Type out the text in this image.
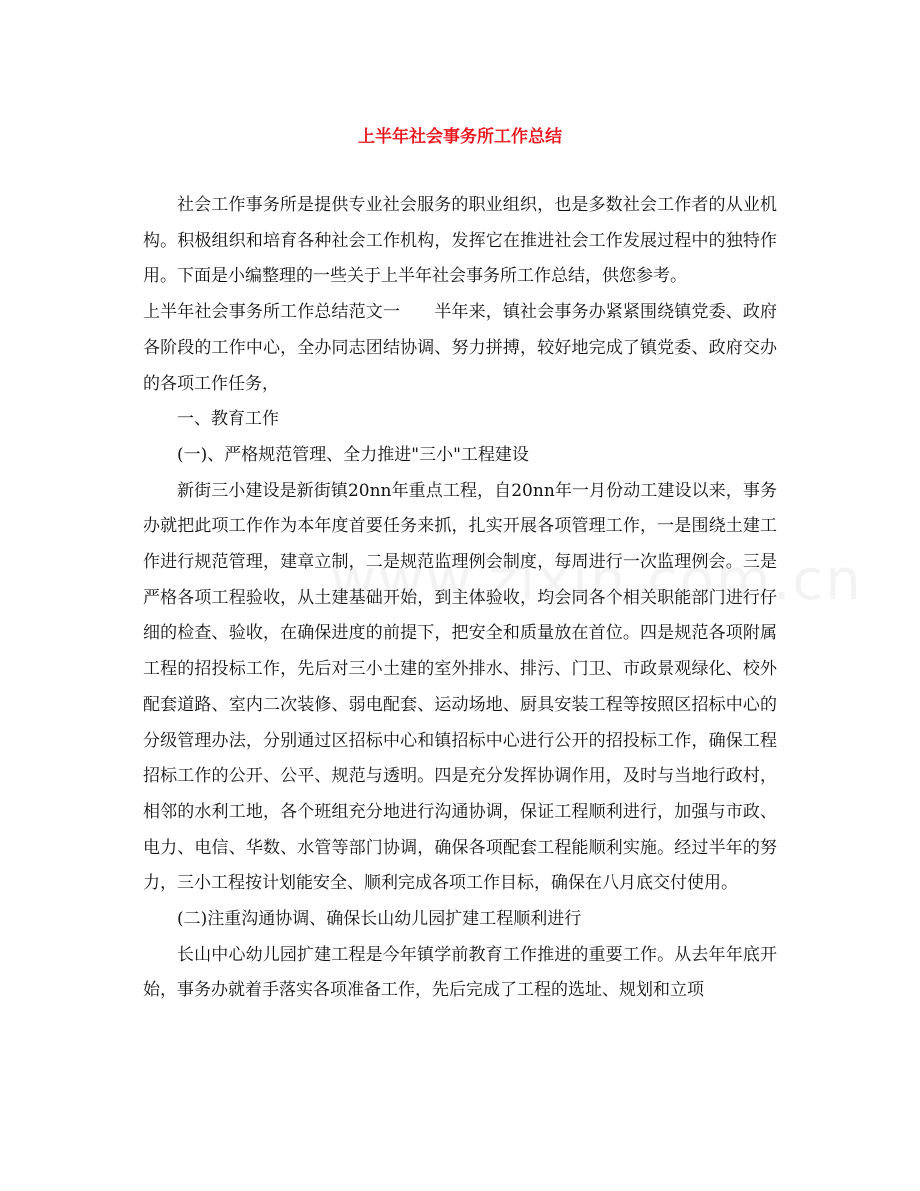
上半年社会事务所工作总结

社会工作事务所是提供专业社会服务的职业组织，也是多数社会工作者的从业机构。积极组织和培育各种社会工作机构，发挥它在推进社会工作发展过程中的独特作用。下面是小编整理的一些关于上半年社会事务所工作总结，供您参考。

上半年社会事务所工作总结范文一　　半年来，镇社会事务办紧紧围绕镇党委、政府各阶段的工作中心，全办同志团结协调、努力拼搏，较好地完成了镇党委、政府交办的各项工作任务，

一、教育工作

(一)、严格规范管理、全力推进"三小"工程建设

新街三小建设是新街镇20nn年重点工程，自20nn年一月份动工建设以来，事务办就把此项工作作为本年度首要任务来抓，扎实开展各项管理工作，一是围绕土建工作进行规范管理，建章立制，二是规范监理例会制度，每周进行一次监理例会。三是严格各项工程验收，从土建基础开始，到主体验收，均会同各个相关职能部门进行仔细的检查、验收，在确保进度的前提下，把安全和质量放在首位。四是规范各项附属工程的招投标工作，先后对三小土建的室外排水、排污、门卫、市政景观绿化、校外配套道路、室内二次装修、弱电配套、运动场地、厨具安装工程等按照区招标中心的分级管理办法，分别通过区招标中心和镇招标中心进行公开的招投标工作，确保工程招标工作的公开、公平、规范与透明。四是充分发挥协调作用，及时与当地行政村，相邻的水利工地，各个班组充分地进行沟通协调，保证工程顺利进行，加强与市政、电力、电信、华数、水管等部门协调，确保各项配套工程能顺利实施。经过半年的努力，三小工程按计划能安全、顺利完成各项工作目标，确保在八月底交付使用。

(二)注重沟通协调、确保长山幼儿园扩建工程顺利进行

长山中心幼儿园扩建工程是今年镇学前教育工作推进的重要工作。从去年年底开始，事务办就着手落实各项准备工作，先后完成了工程的选址、规划和立项
